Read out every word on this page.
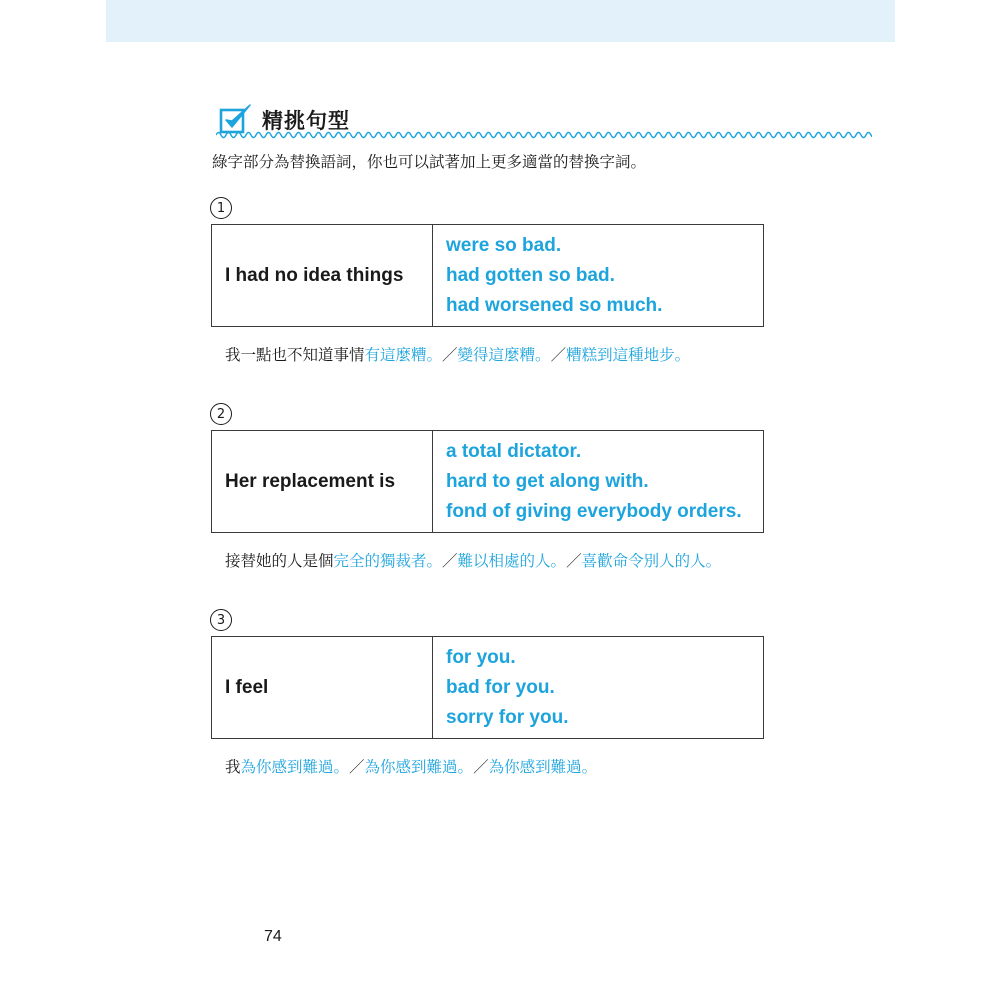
精挑句型
綠字部分為替換語詞，你也可以試著加上更多適當的替換字詞。
1
I had no idea things
were so bad.
had gotten so bad.
had worsened so much.
我一點也不知道事情有這麼糟。／變得這麼糟。／糟糕到這種地步。
2
Her replacement is
a total dictator.
hard to get along with.
fond of giving everybody orders.
接替她的人是個完全的獨裁者。／難以相處的人。／喜歡命令別人的人。
3
I feel
for you.
bad for you.
sorry for you.
我為你感到難過。／為你感到難過。／為你感到難過。
74
